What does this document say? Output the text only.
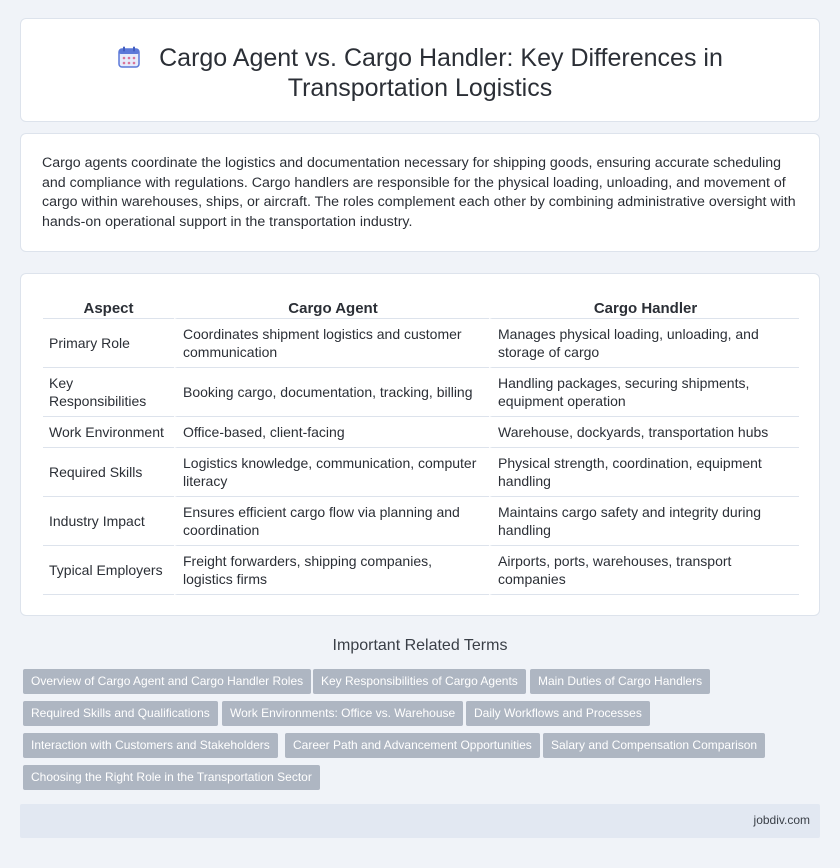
Cargo Agent vs. Cargo Handler: Key Differences in Transportation Logistics

Cargo agents coordinate the logistics and documentation necessary for shipping goods, ensuring accurate scheduling and compliance with regulations. Cargo handlers are responsible for the physical loading, unloading, and movement of cargo within warehouses, ships, or aircraft. The roles complement each other by combining administrative oversight with hands-on operational support in the transportation industry.

Aspect	Cargo Agent	Cargo Handler
Primary Role	Coordinates shipment logistics and customer communication	Manages physical loading, unloading, and storage of cargo
Key Responsibilities	Booking cargo, documentation, tracking, billing	Handling packages, securing shipments, equipment operation
Work Environment	Office-based, client-facing	Warehouse, dockyards, transportation hubs
Required Skills	Logistics knowledge, communication, computer literacy	Physical strength, coordination, equipment handling
Industry Impact	Ensures efficient cargo flow via planning and coordination	Maintains cargo safety and integrity during handling
Typical Employers	Freight forwarders, shipping companies, logistics firms	Airports, ports, warehouses, transport companies
Important Related Terms
Overview of Cargo Agent and Cargo Handler Roles	Key Responsibilities of Cargo Agents	Main Duties of Cargo Handlers
Required Skills and Qualifications	Work Environments: Office vs. Warehouse	Daily Workflows and Processes
Interaction with Customers and Stakeholders	Career Path and Advancement Opportunities	Salary and Compensation Comparison
Choosing the Right Role in the Transportation Sector
jobdiv.com
